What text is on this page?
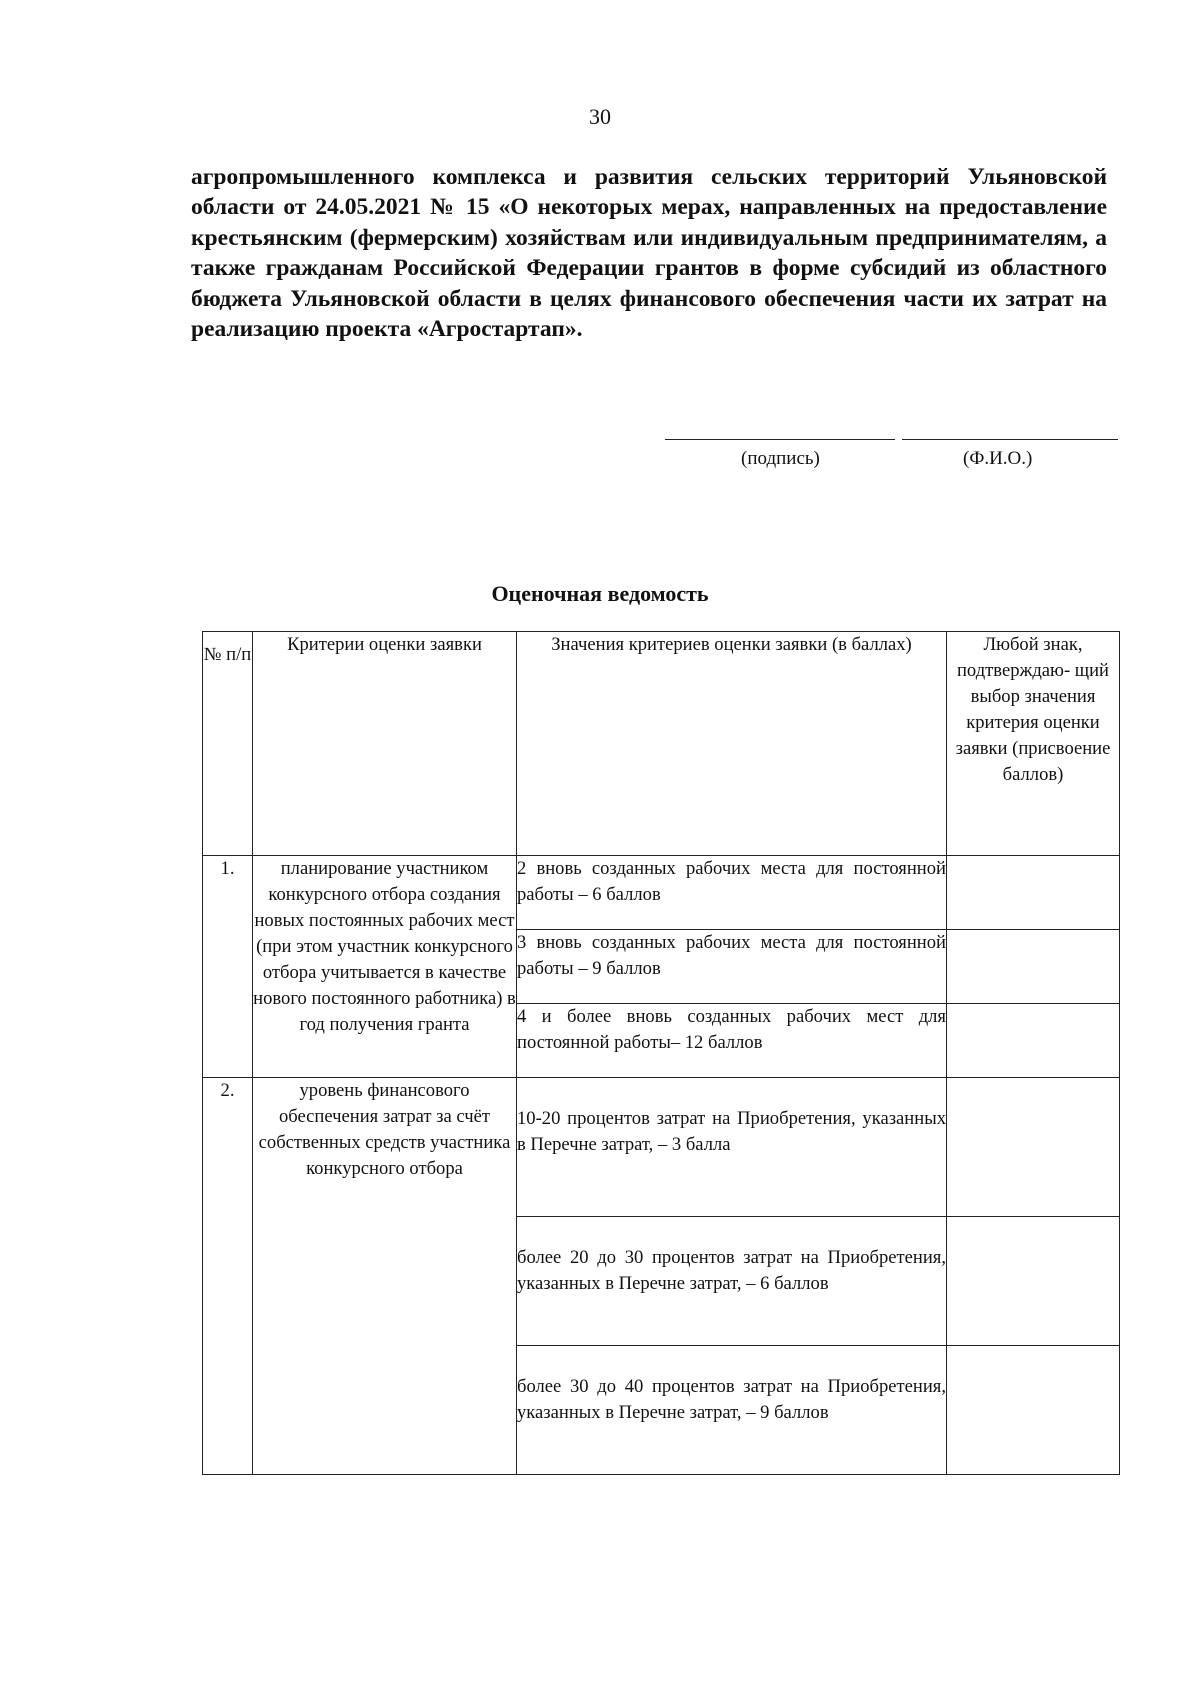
30

агропромышленного комплекса и развития сельских территорий Ульяновской области от 24.05.2021 № 15 «О некоторых мерах, направленных на предоставление крестьянским (фермерским) хозяйствам или индивидуальным предпринимателям, а также гражданам Российской Федерации грантов в форме субсидий из областного бюджета Ульяновской области в целях финансового обеспечения части их затрат на реализацию проекта «Агростартап».

(подпись)	(Ф.И.О.)
Оценочная ведомость
№ п/п	Критерии оценки заявки	Значения критериев оценки заявки (в баллах)	Любой знак, подтверждаю- щий выбор значения критерия оценки заявки (присвоение баллов)
1.	планирование участником конкурсного отбора создания новых постоянных рабочих мест (при этом участник конкурсного отбора учитывается в качестве нового постоянного работника) в год получения гранта	2 вновь созданных рабочих места для постоянной работы – 6 баллов	
		3 вновь созданных рабочих места для постоянной работы – 9 баллов	
		4 и более вновь созданных рабочих мест для постоянной работы– 12 баллов	
2.	уровень финансового обеспечения затрат за счёт собственных средств участника конкурсного отбора	10-20 процентов затрат на Приобретения, указанных в Перечне затрат, – 3 балла	
		более 20 до 30 процентов затрат на Приобретения, указанных в Перечне затрат, – 6 баллов	
		более 30 до 40 процентов затрат на Приобретения, указанных в Перечне затрат, – 9 баллов	
